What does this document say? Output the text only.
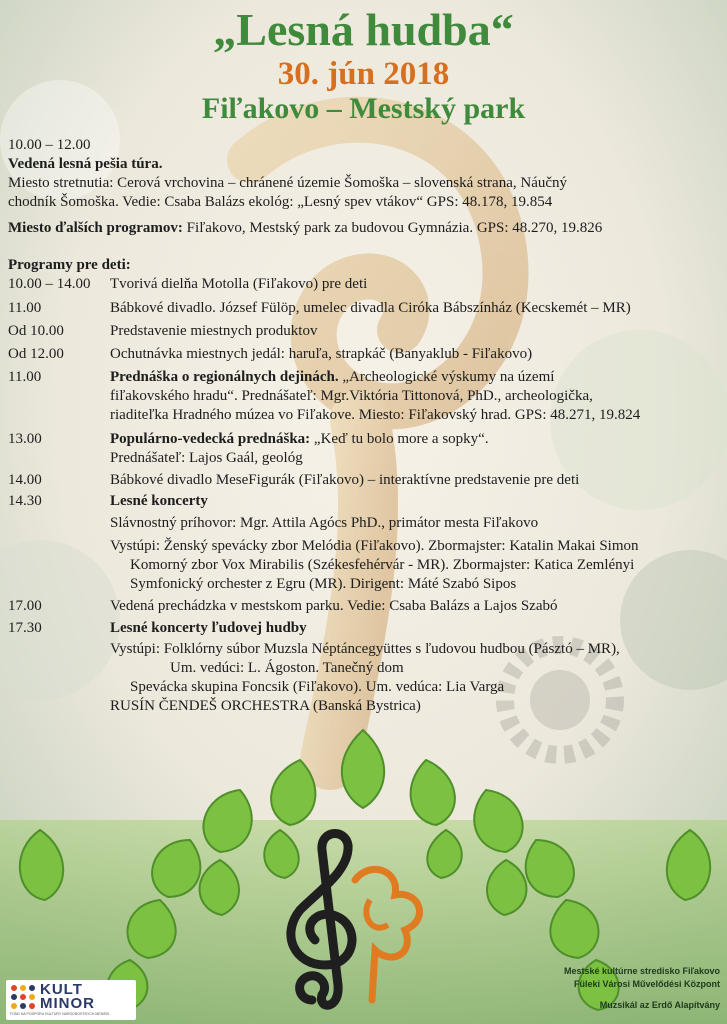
„Lesná hudba“
30. jún 2018
Fiľakovo – Mestský park
10.00 – 12.00
Vedená lesná pešia túra.
Miesto stretnutia: Cerová vrchovina – chránené územie Šomoška – slovenská strana, Náučný
chodník Šomoška. Vedie: Csaba Balázs ekológ: „Lesný spev vtákov“ GPS: 48.178, 19.854
Miesto ďalších programov: Fiľakovo, Mestský park za budovou Gymnázia. GPS: 48.270, 19.826
Programy pre deti:
10.00 – 14.00 Tvorivá dielňa Motolla (Fiľakovo) pre deti
11.00	Bábkové divadlo. József Fülöp, umelec divadla Ciróka Bábszínház (Kecskemét – MR)
Od 10.00	Predstavenie miestnych produktov
Od 12.00	Ochutnávka miestnych jedál: haruľa, strapkáč (Banyaklub - Fiľakovo)
11.00	Prednáška o regionálnych dejinách. „Archeologické výskumy na území
fiľakovského hradu“. Prednášateľ: Mgr.Viktória Tittonová, PhD., archeologička,
riaditeľka Hradného múzea vo Fiľakove. Miesto: Fiľakovský hrad. GPS: 48.271, 19.824
13.00	Populárno-vedecká prednáška: „Keď tu bolo more a sopky“.
Prednášateľ: Lajos Gaál, geológ
14.00	Bábkové divadlo MeseFigurák (Fiľakovo) – interaktívne predstavenie pre deti
14.30	Lesné koncerty
Slávnostný príhovor: Mgr. Attila Agócs PhD., primátor mesta Fiľakovo
Vystúpi: Ženský spevácky zbor Melódia (Fiľakovo). Zbormajster: Katalin Makai Simon
Komorný zbor Vox Mirabilis (Székesfehérvár - MR). Zbormajster: Katica Zemlényi
Symfonický orchester z Egru (MR). Dirigent: Máté Szabó Sipos
17.00	Vedená prechádzka v mestskom parku. Vedie: Csaba Balázs a Lajos Szabó
17.30	Lesné koncerty ľudovej hudby
Vystúpi: Folklórny súbor Muzsla Néptáncegyüttes s ľudovou hudbou (Pásztó – MR),
Um. vedúci: L. Ágoston. Tanečný dom
Spevácka skupina Foncsik (Fiľakovo). Um. vedúca: Lia Varga
RUSÍN ČENDEŠ ORCHESTRA (Banská Bystrica)
KULT
MINOR
FOND NA PODPORU KULTÚRY NÁRODNOSTNÝCH MENŠÍN
Mestské kultúrne stredisko Fiľakovo
Füleki Városi Művelődési Központ
Muzsikál az Erdő Alapítvány
